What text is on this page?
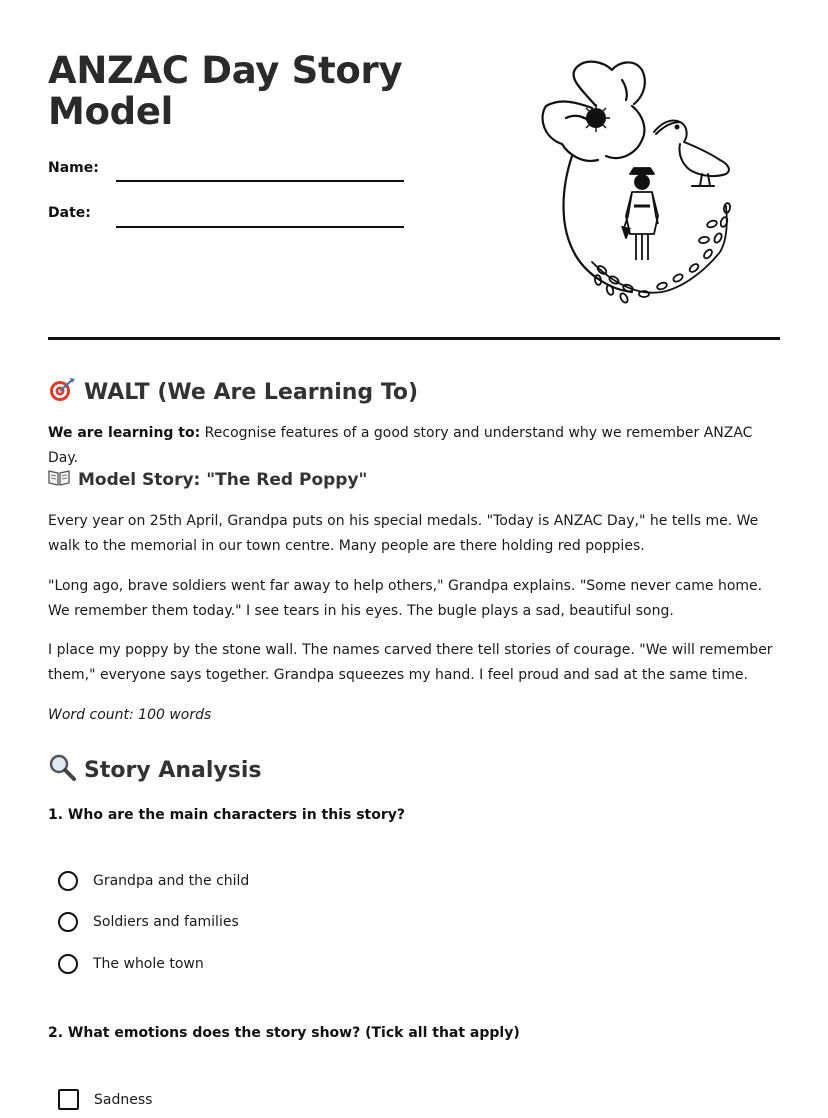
ANZAC Day Story Model
Name:
Date:
WALT (We Are Learning To)

We are learning to: Recognise features of a good story and understand why we remember ANZAC Day.

Model Story: "The Red Poppy"

Every year on 25th April, Grandpa puts on his special medals. "Today is ANZAC Day," he tells me. We walk to the memorial in our town centre. Many people are there holding red poppies.

"Long ago, brave soldiers went far away to help others," Grandpa explains. "Some never came home. We remember them today." I see tears in his eyes. The bugle plays a sad, beautiful song.

I place my poppy by the stone wall. The names carved there tell stories of courage. "We will remember them," everyone says together. Grandpa squeezes my hand. I feel proud and sad at the same time.

Word count: 100 words

Story Analysis

1. Who are the main characters in this story?

Grandpa and the child
Soldiers and families
The whole town

2. What emotions does the story show? (Tick all that apply)

Sadness
